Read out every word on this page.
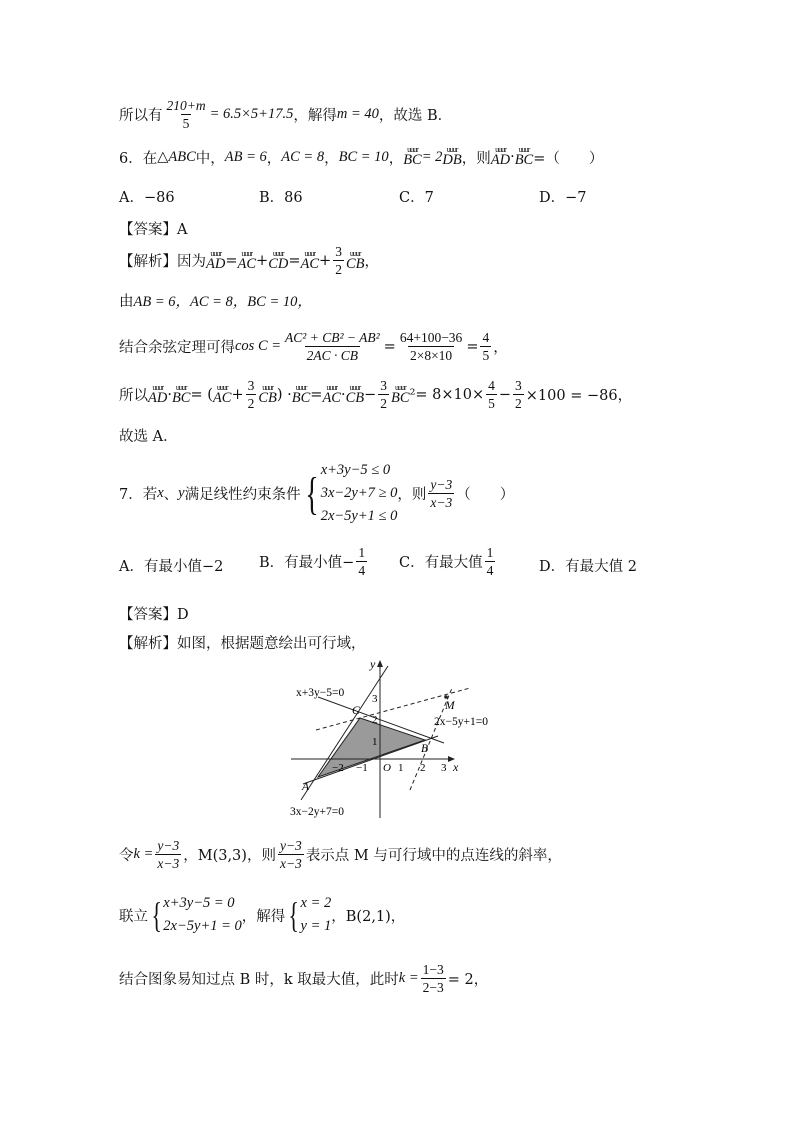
所以有 $\frac{210+m}{5} = 6.5\times 5+17.5$ ，解得 m = 40 ，故选 B．
6．在 △ABC 中， AB = 6 ， AC = 8 ， BC = 10 ，
uuur
BC = 2 uuur
DB ，则
uuur
AD · uuur
BC =（　　）
A．−86	B．86	C．7	D．−7
【答案】A
【解析】因为
uuur
AD = uuur
AC + uuur
CD = uuur
AC + $\frac{3}{2}$ uuur
CB ，
由 AB = 6，AC = 8，BC = 10，
结合余弦定理可得 $\cos C = \frac{\text{AC² + CB² − AB²}}{2AC \cdot CB} = \frac{64+100-36}{2\times 8\times 10} = \frac{4}{5}$ ，
所以
uuur
AD · uuur
BC = ( uuur
AC + $\frac{3}{2}$ uuur
CB ) · uuur
BC = uuur
AC · uuur
CB − $\frac{3}{2}$ uuur
BC $^2 = 8\times 10\times \frac{4}{5} - \frac{3}{2} \times 100 = -86$，
故选 A．
7．若 x 、 y 满足线性约束条件 { x+3y−5 ≤ 0
3x−2y+7 ≥ 0
2x−5y+1 ≤ 0
，则 $\frac{y-3}{x-3}$ （　　）
A．有最小值−2 B．有最小值− $\frac{1}{4}$ C．有最大值 $\frac{1}{4}$	D．有最大值 2
【答案】D
【解析】如图，根据题意绘出可行域，
y
x
O
x+3y−5=0
2x−5y+1=0
3x−2y+7=0
A
B
C	M
−2 −1	1 2 3
1
2
3
令 $k = \frac{y-3}{x-3}$ ，M(3,3)，则 $\frac{y-3}{x-3}$ 表示点 M 与可行域中的点连线的斜率，
联立 { x+3y−5 = 0
2x−5y+1 = 0
，解得 { x = 2
y = 1
，B(2,1)，
结合图象易知过点 B 时，k 取最大值，此时 $k = \frac{1-3}{2-3} = 2$，
